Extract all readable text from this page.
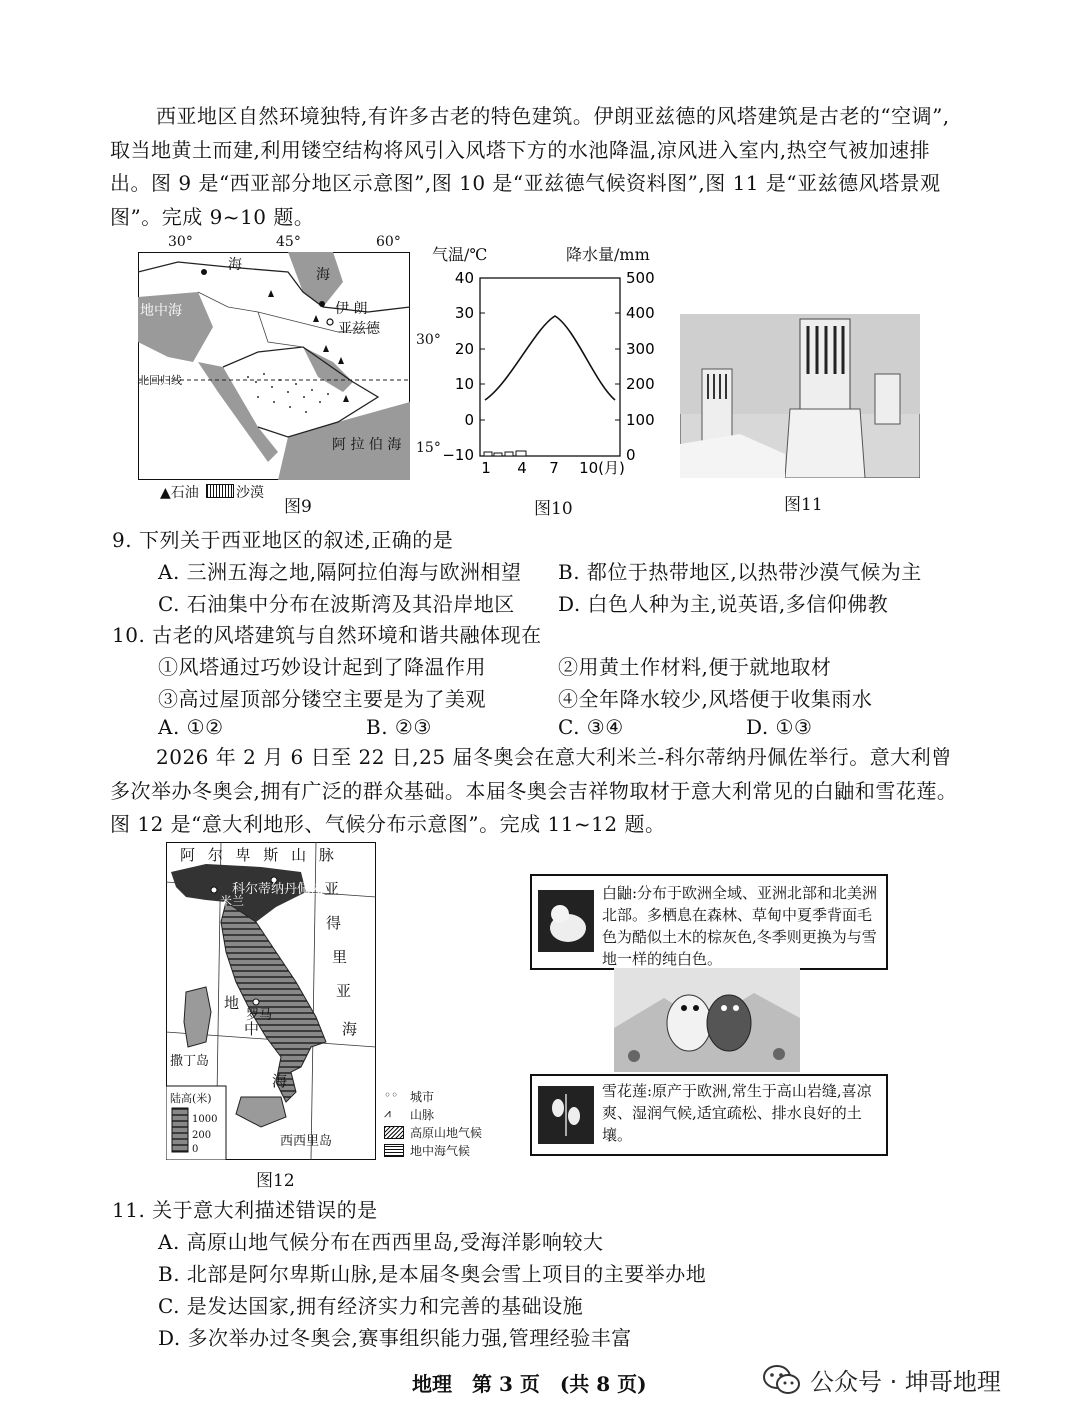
西亚地区自然环境独特,有许多古老的特色建筑。伊朗亚兹德的风塔建筑是古老的“空调”,取当地黄土而建,利用镂空结构将风引入风塔下方的水池降温,凉风进入室内,热空气被加速排出。图 9 是“西亚部分地区示意图”,图 10 是“亚兹德气候资料图”,图 11 是“亚兹德风塔景观图”。完成 9~10 题。
30°	45°	60°
海
海
地中海	伊 朗
亚兹德
北回归线
阿 拉 伯 海
30°
15°
▲石油	沙漠
图9
气温/℃	降水量/mm
40
30
20
10
0
−10
500
400
300
200
100
0
1 4 7 10(月)
图10	图11
9. 下列关于西亚地区的叙述,正确的是
A. 三洲五海之地,隔阿拉伯海与欧洲相望 B. 都位于热带地区,以热带沙漠气候为主
C. 石油集中分布在波斯湾及其沿岸地区 D. 白色人种为主,说英语,多信仰佛教
10. 古老的风塔建筑与自然环境和谐共融体现在
①风塔通过巧妙设计起到了降温作用	②用黄土作材料,便于就地取材
③高过屋顶部分镂空主要是为了美观	④全年降水较少,风塔便于收集雨水
A. ①②	B. ②③	C. ③④	D. ①③
2026 年 2 月 6 日至 22 日,25 届冬奥会在意大利米兰-科尔蒂纳丹佩佐举行。意大利曾多次举办冬奥会,拥有广泛的群众基础。本届冬奥会吉祥物取材于意大利常见的白鼬和雪花莲。图 12 是“意大利地形、气候分布示意图”。完成 11~12 题。
阿 尔 卑 斯 山 脉
科尔蒂纳丹佩佐
米兰
亚
得
里
亚
海
地
中
海
罗马
撒丁岛
西西里岛
陆高(米)
1000
200
0
◦◦ 城市
⩘ 山脉
高原山地气候
地中海气候
图12
白鼬:分布于欧洲全域、亚洲北部和北美洲北部。多栖息在森林、草甸中夏季背面毛色为酷似土木的棕灰色,冬季则更换为与雪地一样的纯白色。
雪花莲:原产于欧洲,常生于高山岩缝,喜凉爽、湿润气候,适宜疏松、排水良好的土壤。
11. 关于意大利描述错误的是
A. 高原山地气候分布在西西里岛,受海洋影响较大
B. 北部是阿尔卑斯山脉,是本届冬奥会雪上项目的主要举办地
C. 是发达国家,拥有经济实力和完善的基础设施
D. 多次举办过冬奥会,赛事组织能力强,管理经验丰富
地理　第 3 页　(共 8 页)	公众号 · 坤哥地理
